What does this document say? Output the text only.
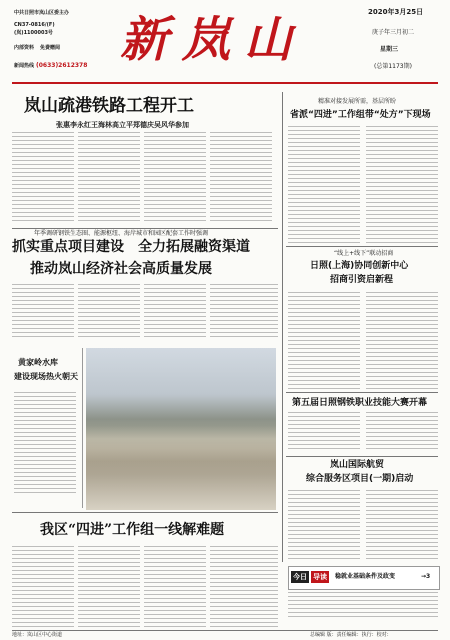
中共日照市岚山区委主办
CN37-0816/(F)
(岚)1100003号
内部资料 免费赠阅
新闻热线 (0633)2612378 新岚山	2020年3月25日
庚子年三月初二
星期三
(总第1173期)
岚山疏港铁路工程开工
张惠李永红王海林高立平郑德庆吴风华参加
精准对接发展所需，基层所盼
省派“四进”工作组带“处方”下现场
年季调研钢铁生态圈、能源枢纽、海岸城市和园区配套工作时强调
抓实重点项目建设　全力拓展融资渠道
推动岚山经济社会高质量发展
“线上+线下”联动招商
日照(上海)协同创新中心
招商引资启新程
黄家岭水库
建设现场热火朝天
第五届日照钢铁职业技能大赛开幕
岚山国际航贸
综合服务区项目(一期)启动
我区“四进”工作组一线解难题
今日 导读	稳就业基础条件及政变	→3
总编辑 版：责任编辑：执行：校对：
地址：岚山区中心街道
